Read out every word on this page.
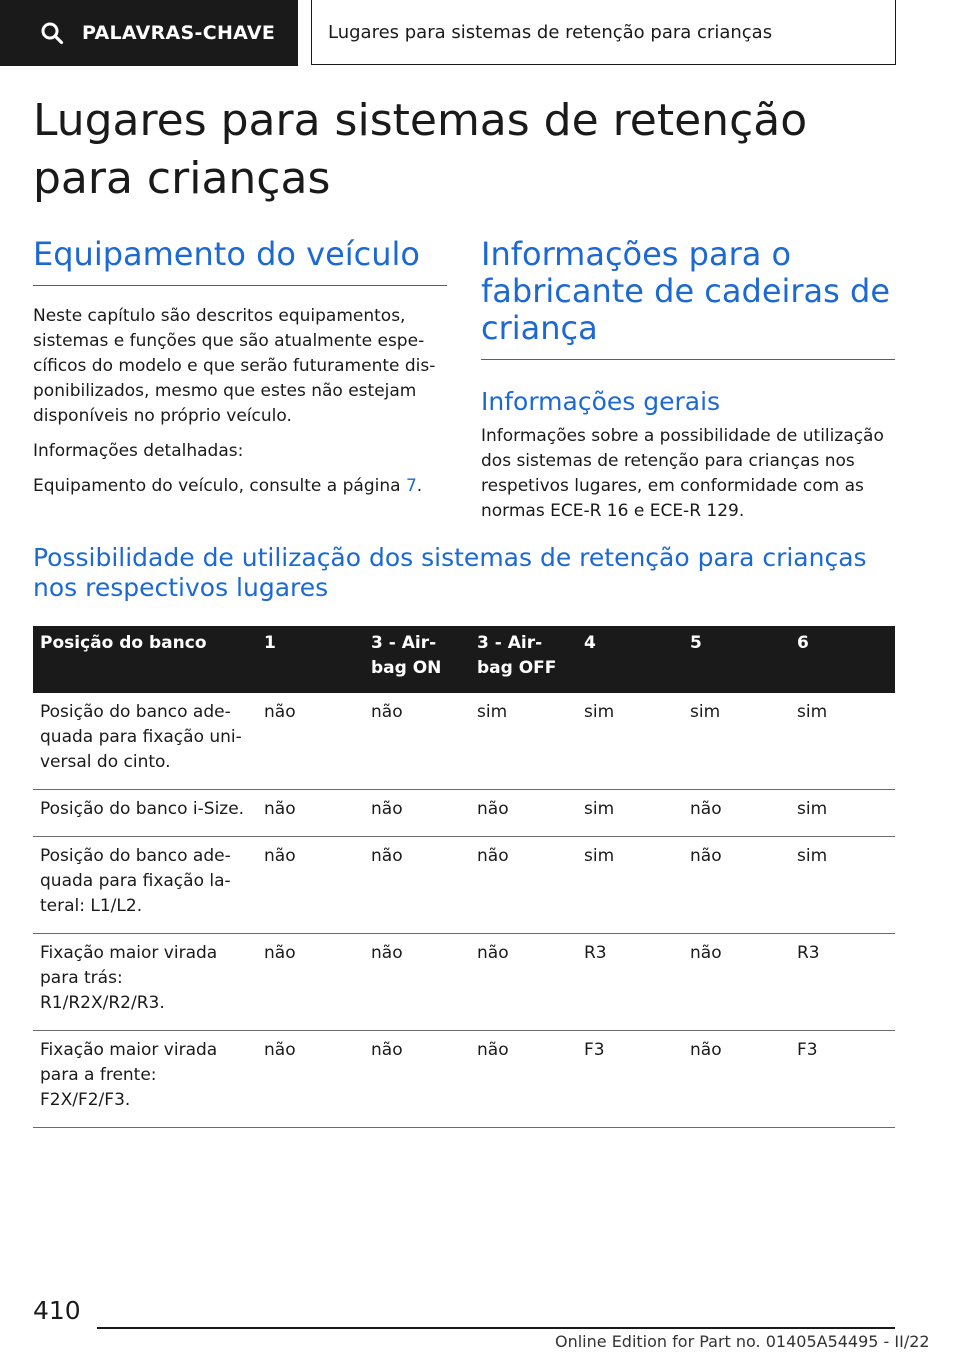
PALAVRAS-CHAVE	Lugares para sistemas de retenção para crianças
Lugares para sistemas de retenção para crianças
Equipamento do veículo

Neste capítulo são descritos equipamentos, sistemas e funções que são atualmente específicos do modelo e que serão futuramente disponibilizados, mesmo que estes não estejam disponíveis no próprio veículo.

Informações detalhadas:

Equipamento do veículo, consulte a página 7.

Informações para o fabricante de cadeiras de criança
Informações gerais

Informações sobre a possibilidade de utilização dos sistemas de retenção para crianças nos respetivos lugares, em conformidade com as normas ECE-R 16 e ECE-R 129.

Possibilidade de utilização dos sistemas de retenção para crianças nos respectivos lugares
Posição do banco	1	3 - Airbag ON	3 - Airbag OFF	4	5	6
Posição do banco adequada para fixação universal do cinto.	não	não	sim	sim	sim	sim
Posição do banco i-Size.	não	não	não	sim	não	sim
Posição do banco adequada para fixação lateral: L1/L2.	não	não	não	sim	não	sim
Fixação maior virada para trás: R1/R2X/R2/R3.	não	não	não	R3	não	R3
Fixação maior virada para a frente: F2X/F2/F3.	não	não	não	F3	não	F3
410
Online Edition for Part no. 01405A54495 - II/22
